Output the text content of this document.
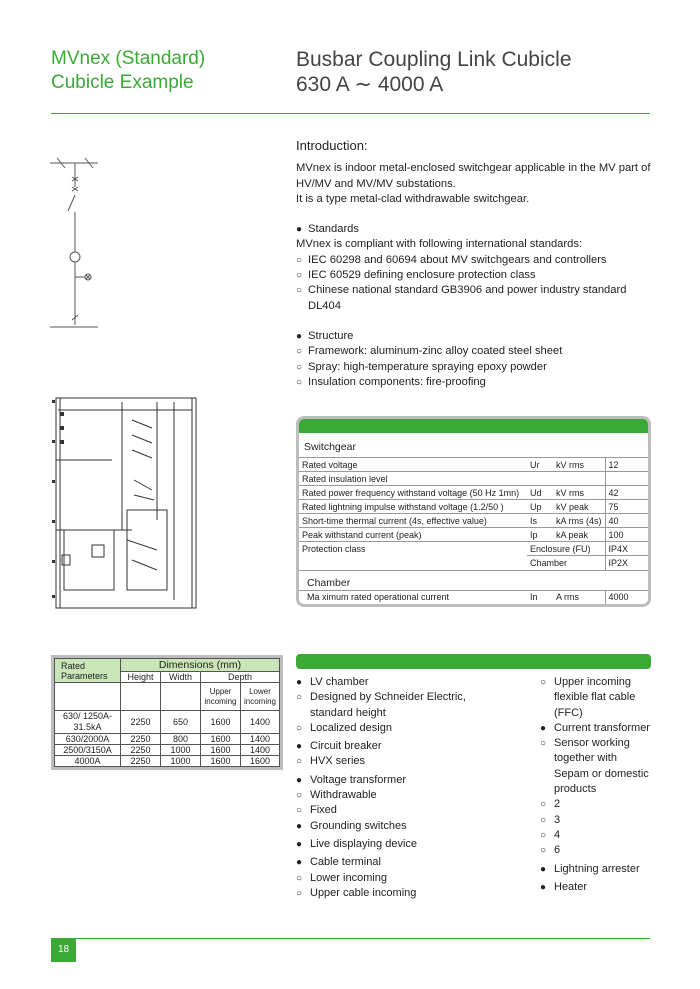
MVnex (Standard)
Cubicle Example
Busbar Coupling Link Cubicle
630 A ∼ 4000 A
Introduction:

MVnex is indoor metal-enclosed switchgear applicable in the MV part of HV/MV and MV/MV substations.

It is a type metal-clad withdrawable switchgear.

● Standards

MVnex is compliant with following international standards:

○ IEC 60298 and 60694 about MV switchgears and controllers
○ IEC 60529 defining enclosure protection class
○ Chinese national standard GB3906 and power industry standard DL404
● Structure
○ Framework: aluminum-zinc alloy coated steel sheet
○ Spray: high-temperature spraying epoxy powder
○ Insulation components: fire-proofing
Switchgear
Rated voltage	Ur	kV rms	12
Rated insulation level			
Rated power frequency withstand voltage (50 Hz 1mn)	Ud	kV rms	42
Rated lightning impulse withstand voltage (1.2/50 )	Up	kV peak	75
Short-time thermal current (4s, effective value)	Is	kA rms (4s)	40
Peak withstand current (peak)	Ip	kA peak	100
Protection class	Enclosure (FU)		IP4X
	Chamber		IP2X
Chamber
Ma ximum rated operational current	In	A rms	4000
Rated Parameters	Dimensions (mm)			
	Height	Width	Depth	
			Upper incoming	Lower incoming
630/ 1250A-31.5kA	2250	650	1600	1400
630/2000A	2250	800	1600	1400
2500/3150A	2250	1000	1600	1400
4000A	2250	1000	1600	1600
● LV chamber
○ Designed by Schneider Electric, standard height
○ Localized design
● Circuit breaker
○ HVX series
● Voltage transformer
○ Withdrawable
○ Fixed
● Grounding switches
● Live displaying device
● Cable terminal
○ Lower incoming
○ Upper cable incoming
○ Upper incoming flexible flat cable (FFC)
● Current transformer
○ Sensor working together with Sepam or domestic products
○ 2
○ 3
○ 4
○ 6
● Lightning arrester
● Heater
18
